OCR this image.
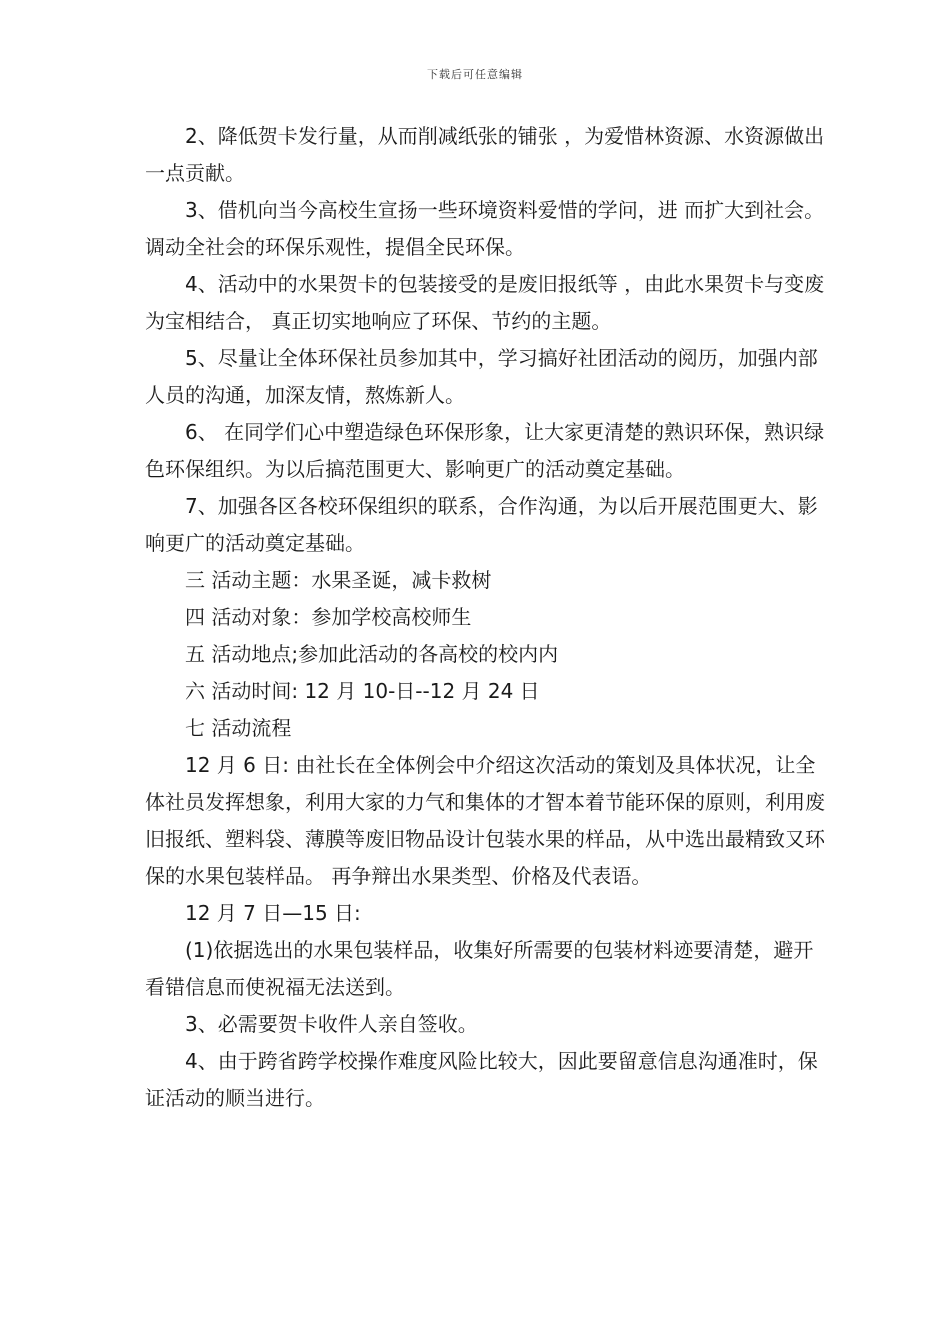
下载后可任意编辑

2、降低贺卡发行量，从而削减纸张的铺张 ，为爱惜林资源、水资源做出一点贡献。

3、借机向当今高校生宣扬一些环境资料爱惜的学问，进 而扩大到社会。 调动全社会的环保乐观性，提倡全民环保。

4、活动中的水果贺卡的包装接受的是废旧报纸等 ，由此水果贺卡与变废为宝相结合， 真正切实地响应了环保、节约的主题。

5、尽量让全体环保社员参加其中，学习搞好社团活动的阅历，加强内部人员的沟通，加深友情，熬炼新人。

6、 在同学们心中塑造绿色环保形象，让大家更清楚的熟识环保，熟识绿色环保组织。为以后搞范围更大、影响更广的活动奠定基础。

7、加强各区各校环保组织的联系，合作沟通，为以后开展范围更大、影响更广的活动奠定基础。

三 活动主题：水果圣诞，减卡救树

四 活动对象：参加学校高校师生

五 活动地点;参加此活动的各高校的校内内

六 活动时间: 12 月 10-日--12 月 24 日

七 活动流程

12 月 6 日: 由社长在全体例会中介绍这次活动的策划及具体状况，让全体社员发挥想象，利用大家的力气和集体的才智本着节能环保的原则，利用废旧报纸、塑料袋、薄膜等废旧物品设计包装水果的样品，从中选出最精致又环保的水果包装样品。 再争辩出水果类型、价格及代表语。

12 月 7 日—15 日:

(1)依据选出的水果包装样品，收集好所需要的包装材料迹要清楚，避开看错信息而使祝福无法送到。

3、必需要贺卡收件人亲自签收。

4、由于跨省跨学校操作难度风险比较大，因此要留意信息沟通准时，保证活动的顺当进行。
